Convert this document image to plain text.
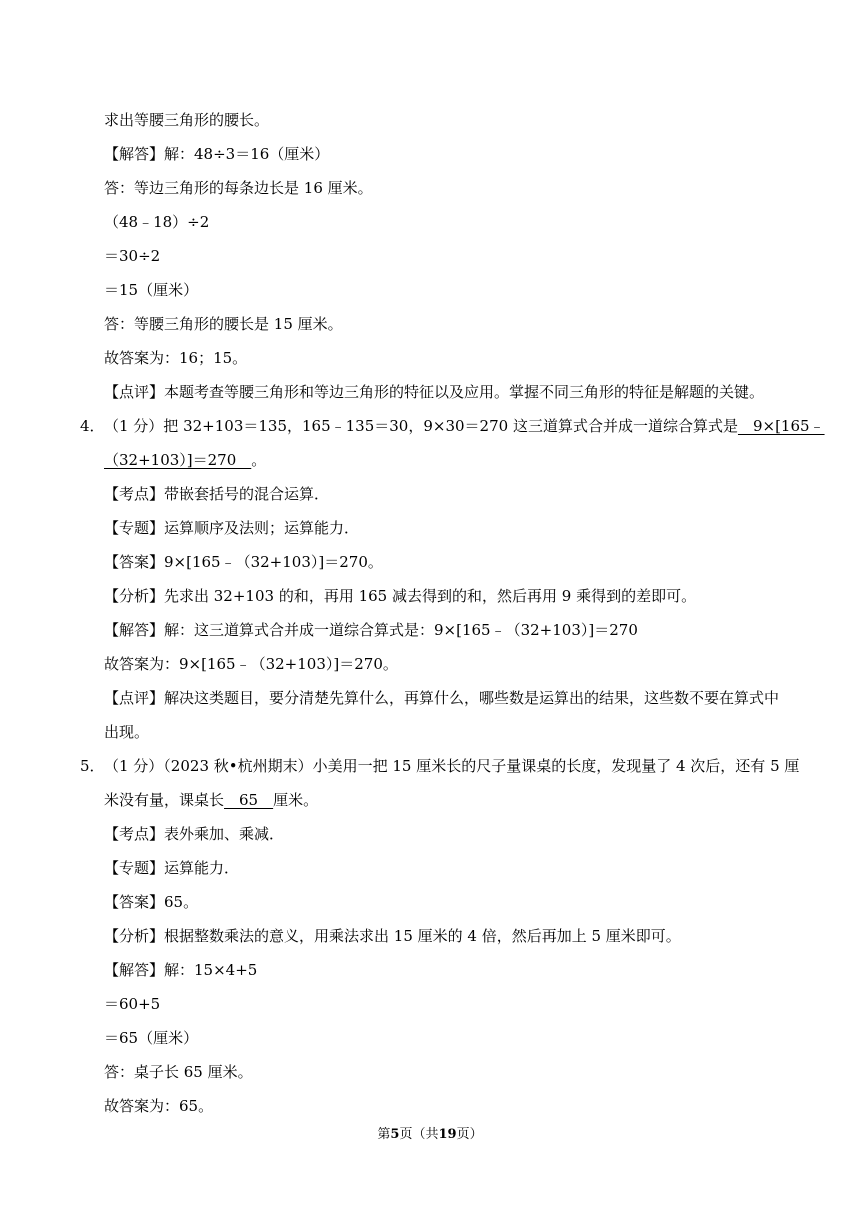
求出等腰三角形的腰长。
【解答】解：48÷3＝16（厘米）
答：等边三角形的每条边长是 16 厘米。
（48﹣18）÷2
＝30÷2
＝15（厘米）
答：等腰三角形的腰长是 15 厘米。
故答案为：16；15。
【点评】本题考查等腰三角形和等边三角形的特征以及应用。掌握不同三角形的特征是解题的关键。
4． （1 分）把 32+103＝135，165﹣135＝30，9×30＝270 这三道算式合并成一道综合算式是　9×[165﹣
（32+103）]＝270　。
【考点】带嵌套括号的混合运算．
【专题】运算顺序及法则；运算能力．
【答案】9×[165﹣（32+103）]＝270。
【分析】先求出 32+103 的和，再用 165 减去得到的和，然后再用 9 乘得到的差即可。
【解答】解：这三道算式合并成一道综合算式是：9×[165﹣（32+103）]＝270
故答案为：9×[165﹣（32+103）]＝270。
【点评】解决这类题目，要分清楚先算什么，再算什么，哪些数是运算出的结果，这些数不要在算式中
出现。
5． （1 分）（2023 秋•杭州期末）小美用一把 15 厘米长的尺子量课桌的长度，发现量了 4 次后，还有 5 厘
米没有量，课桌长　65　厘米。
【考点】表外乘加、乘减．
【专题】运算能力．
【答案】65。
【分析】根据整数乘法的意义，用乘法求出 15 厘米的 4 倍，然后再加上 5 厘米即可。
【解答】解：15×4+5
＝60+5
＝65（厘米）
答：桌子长 65 厘米。
故答案为：65。
第5页（共19页）
